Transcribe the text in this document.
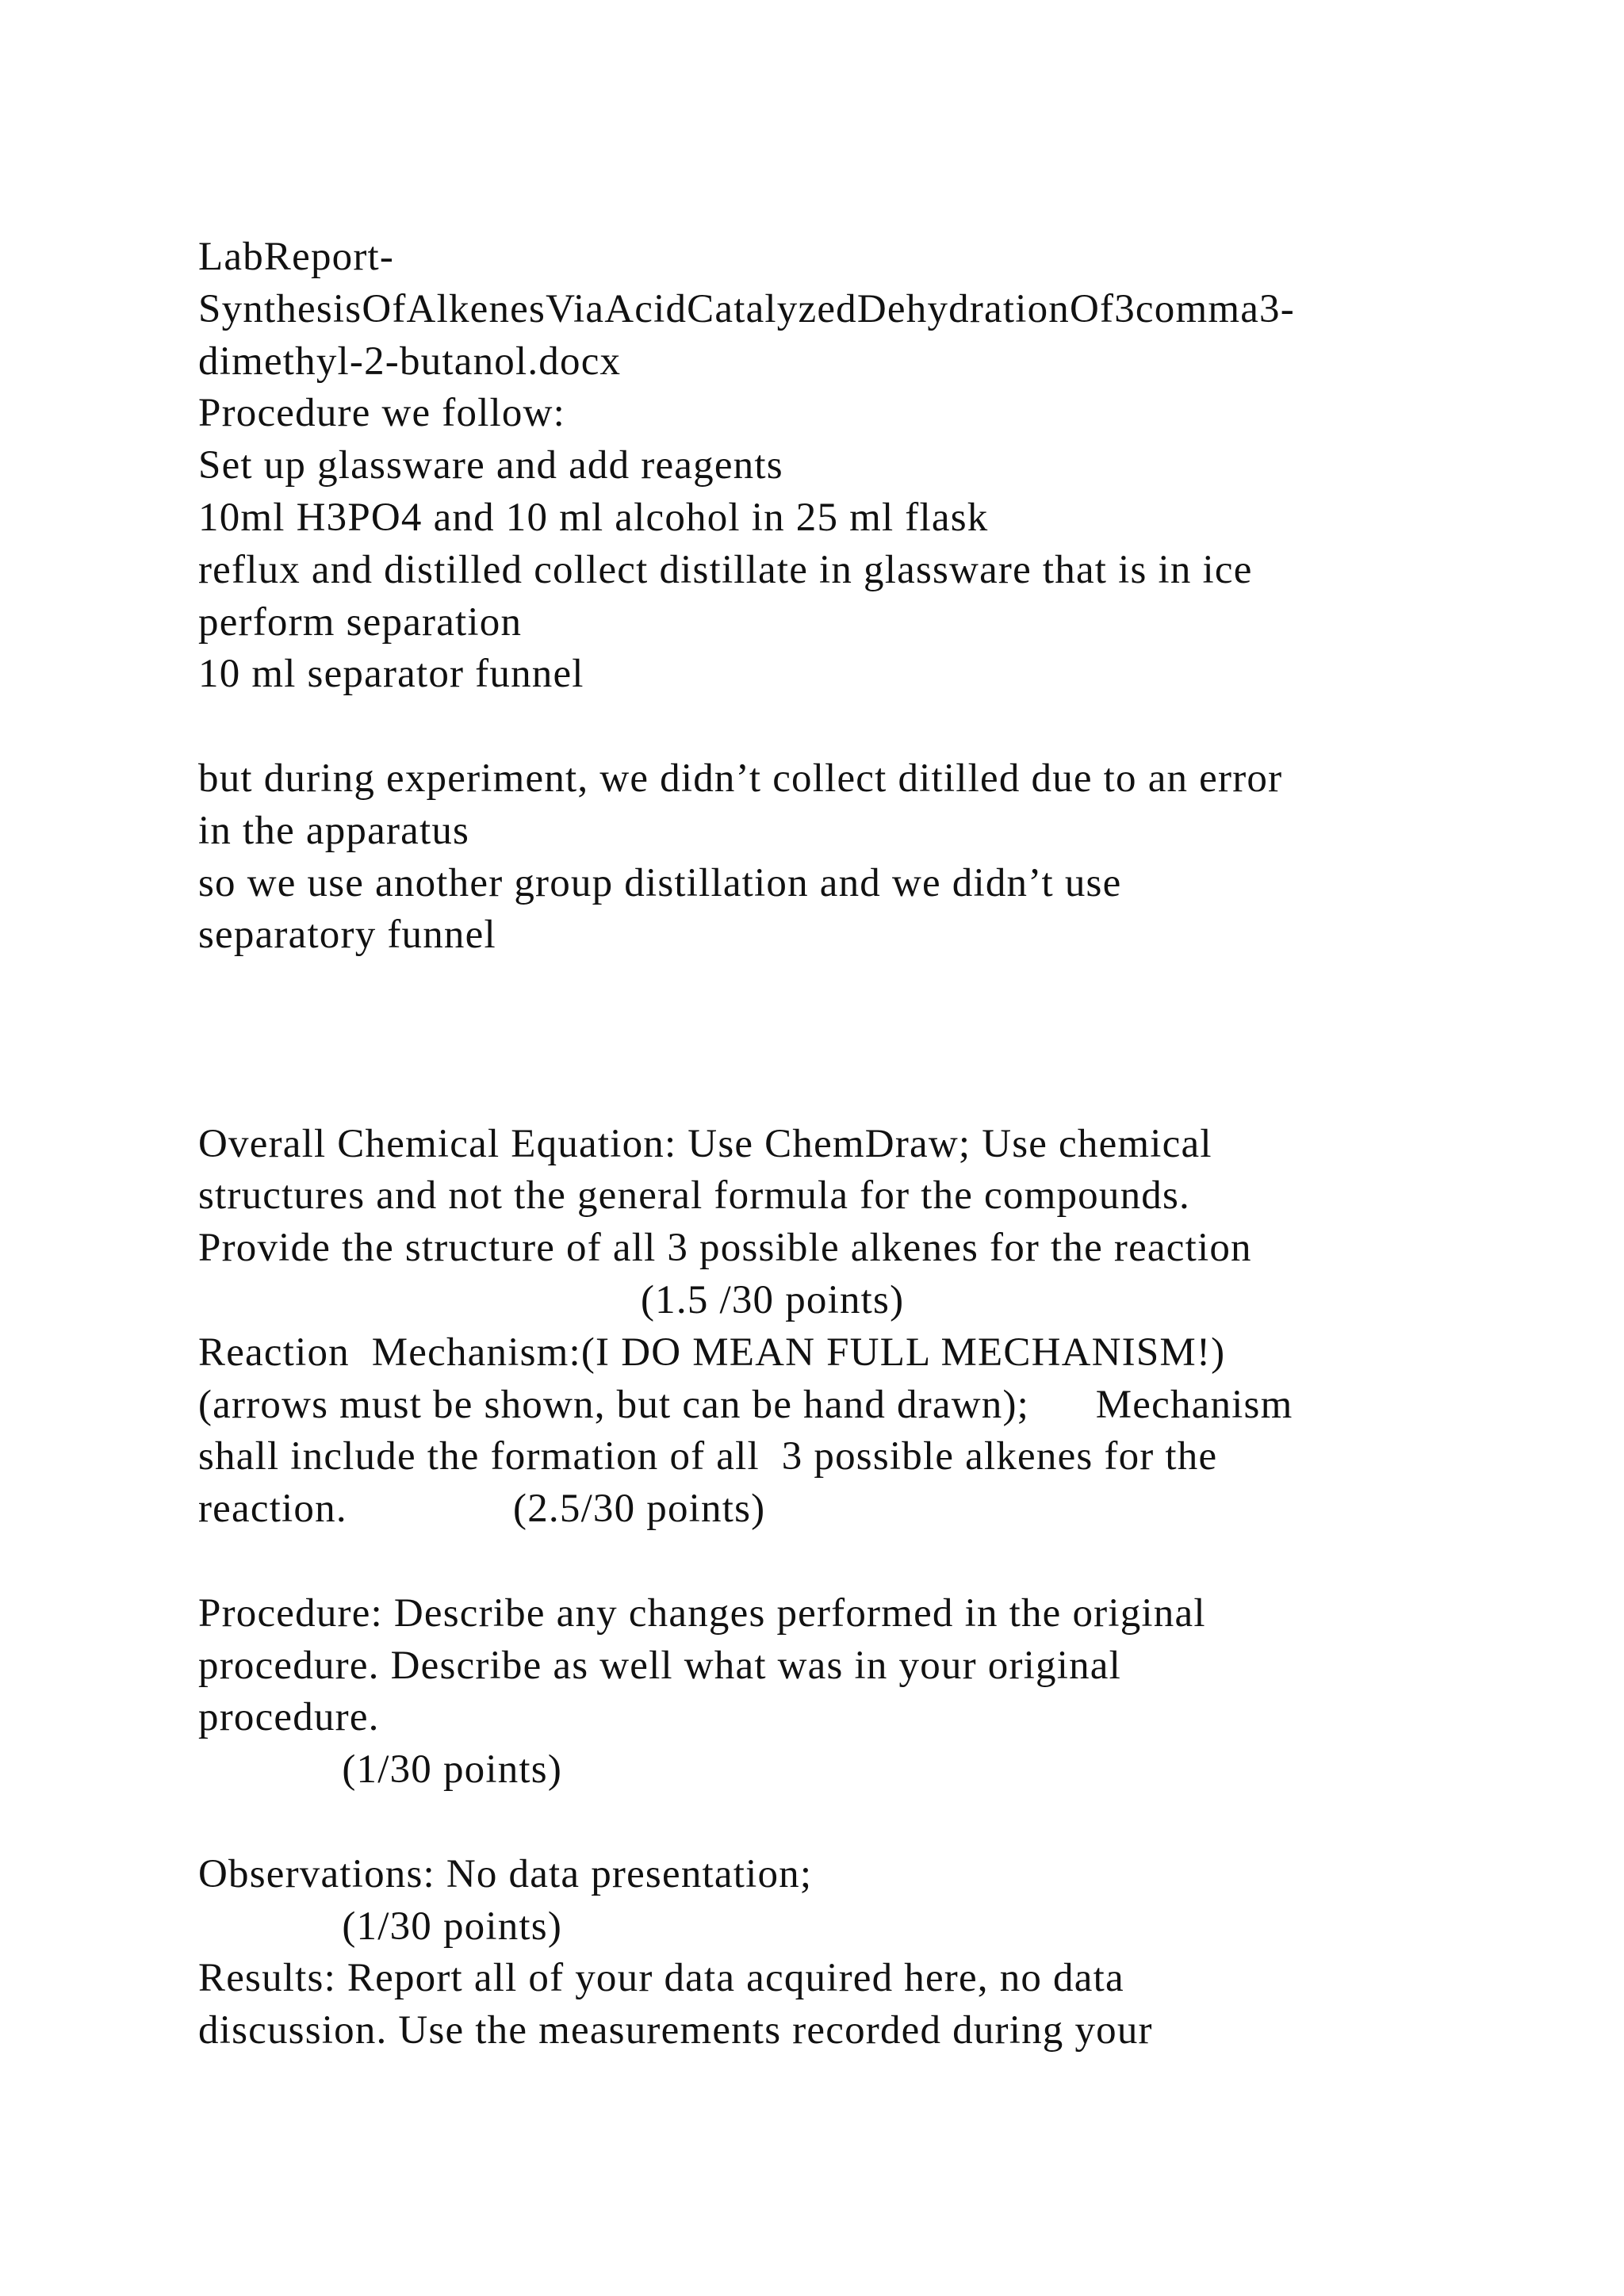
LabReport-
SynthesisOfAlkenesViaAcidCatalyzedDehydrationOf3comma3-
dimethyl-2-butanol.docx
Procedure we follow:
Set up glassware and add reagents
10ml H3PO4 and 10 ml alcohol in 25 ml flask
reflux and distilled collect distillate in glassware that is in ice
perform separation
10 ml separator funnel
but during experiment, we didn’t collect ditilled due to an error
in the apparatus
so we use another group distillation and we didn’t use
separatory funnel
Overall Chemical Equation: Use ChemDraw; Use chemical
structures and not the general formula for the compounds.
Provide the structure of all 3 possible alkenes for the reaction
(1.5 /30 points)
Reaction  Mechanism:(I DO MEAN FULL MECHANISM!)
(arrows must be shown, but can be hand drawn);      Mechanism
shall include the formation of all  3 possible alkenes for the
reaction.               (2.5/30 points)
Procedure: Describe any changes performed in the original
procedure. Describe as well what was in your original
procedure.
(1/30 points)
Observations: No data presentation;
(1/30 points)
Results: Report all of your data acquired here, no data
discussion. Use the measurements recorded during your
